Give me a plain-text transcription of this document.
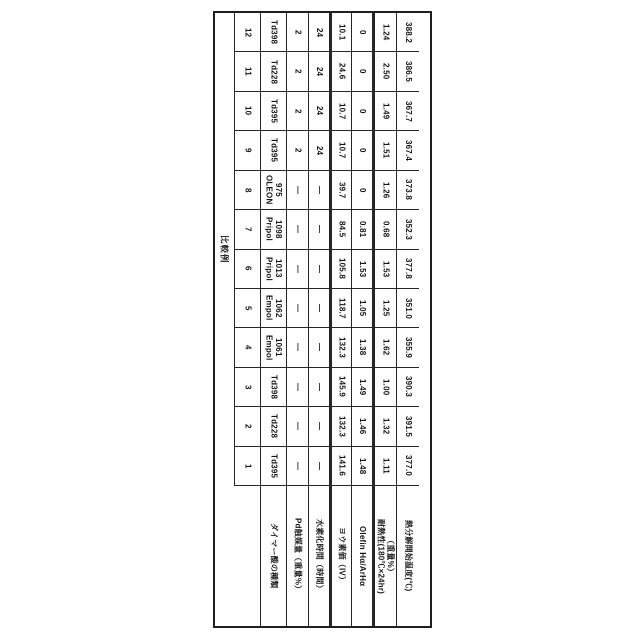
比較例
12
11
10
9
8
7
6
5
4
3
2
1
Td398
Td228
Td395
Td395
OLEON
975
Pripol
1098
Pripol
1013
Empol
1062
Empol
1061
Td398
Td228
Td395
ダイマー酸の種類
2
2
2
2
―
―
―
―
―
―
―
―
Pd触媒量（重量%）
24
24
24
24
―
―
―
―
―
―
―
―
水素化時間（時間）
10.1
24.6
10.7
10.7
39.7
84.5
105.8
118.7
132.3
145.9
132.3
141.6
ヨウ素価（IV）
0
0
0
0
0
0.81
1.53
1.05
1.38
1.49
1.46
1.48
Olefin Hα/ArHα
1.24
2.50
1.49
1.51
1.26
0.68
1.53
1.25
1.62
1.00
1.32
1.11
耐熱性(180℃×24hr)
（重量%）
388.2
386.5
367.7
367.4
373.8
352.3
377.8
351.0
355.9
390.3
391.5
377.0
熱分解開始温度(℃)
